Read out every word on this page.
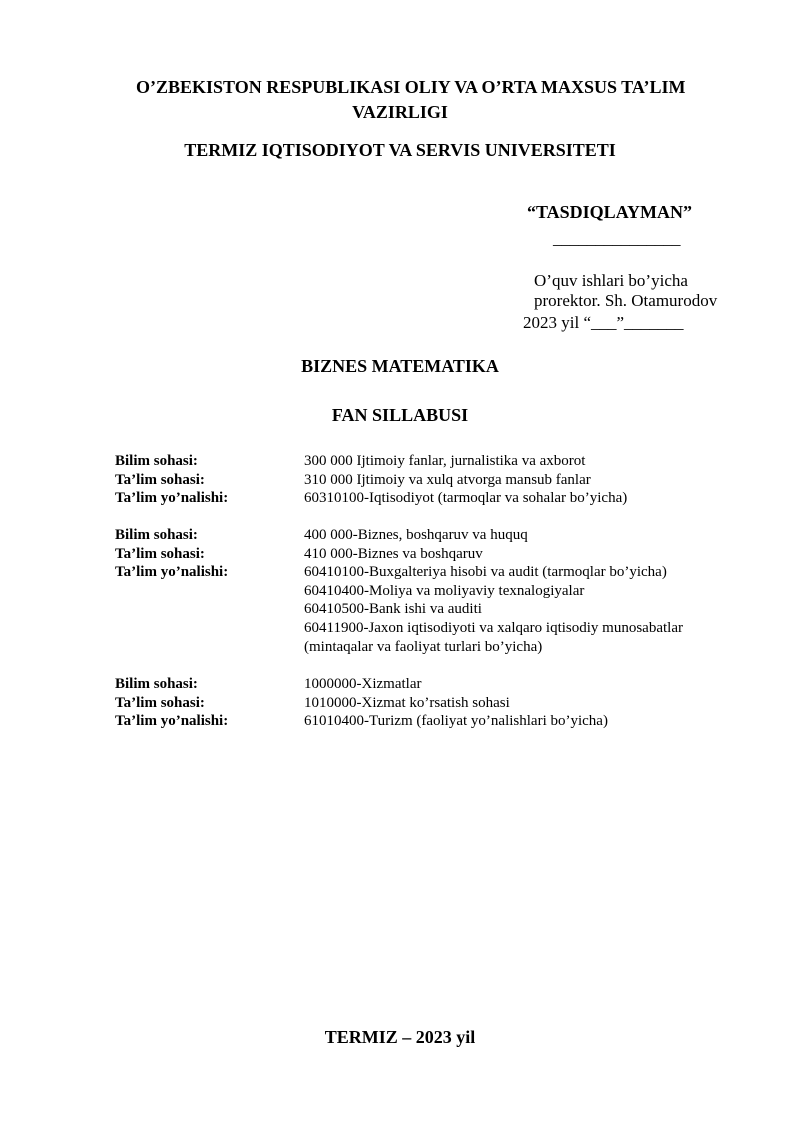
O’ZBEKISTON RESPUBLIKASI OLIY VA O’RTA MAXSUS TA’LIM
VAZIRLIGI
TERMIZ IQTISODIYOT VA SERVIS UNIVERSITETI
“TASDIQLAYMAN”
_______________
O’quv ishlari bo’yicha
prorektor. Sh. Otamurodov
2023 yil “___”_______
BIZNES MATEMATIKA
FAN SILLABUSI
Bilim sohasi:
Ta’lim sohasi:
Ta’lim yo’nalishi:
300 000 Ijtimoiy fanlar, jurnalistika va axborot
310 000 Ijtimoiy va xulq atvorga mansub fanlar
60310100-Iqtisodiyot (tarmoqlar va sohalar bo’yicha)
Bilim sohasi:
Ta’lim sohasi:
Ta’lim yo’nalishi:
400 000-Biznes, boshqaruv va huquq
410 000-Biznes va boshqaruv
60410100-Buxgalteriya hisobi va audit (tarmoqlar bo’yicha)
60410400-Moliya va moliyaviy texnalogiyalar
60410500-Bank ishi va auditi
60411900-Jaxon iqtisodiyoti va xalqaro iqtisodiy munosabatlar
(mintaqalar va faoliyat turlari bo’yicha)
Bilim sohasi:
Ta’lim sohasi:
Ta’lim yo’nalishi:
1000000-Xizmatlar
1010000-Xizmat ko’rsatish sohasi
61010400-Turizm (faoliyat yo’nalishlari bo’yicha)
TERMIZ – 2023 yil
